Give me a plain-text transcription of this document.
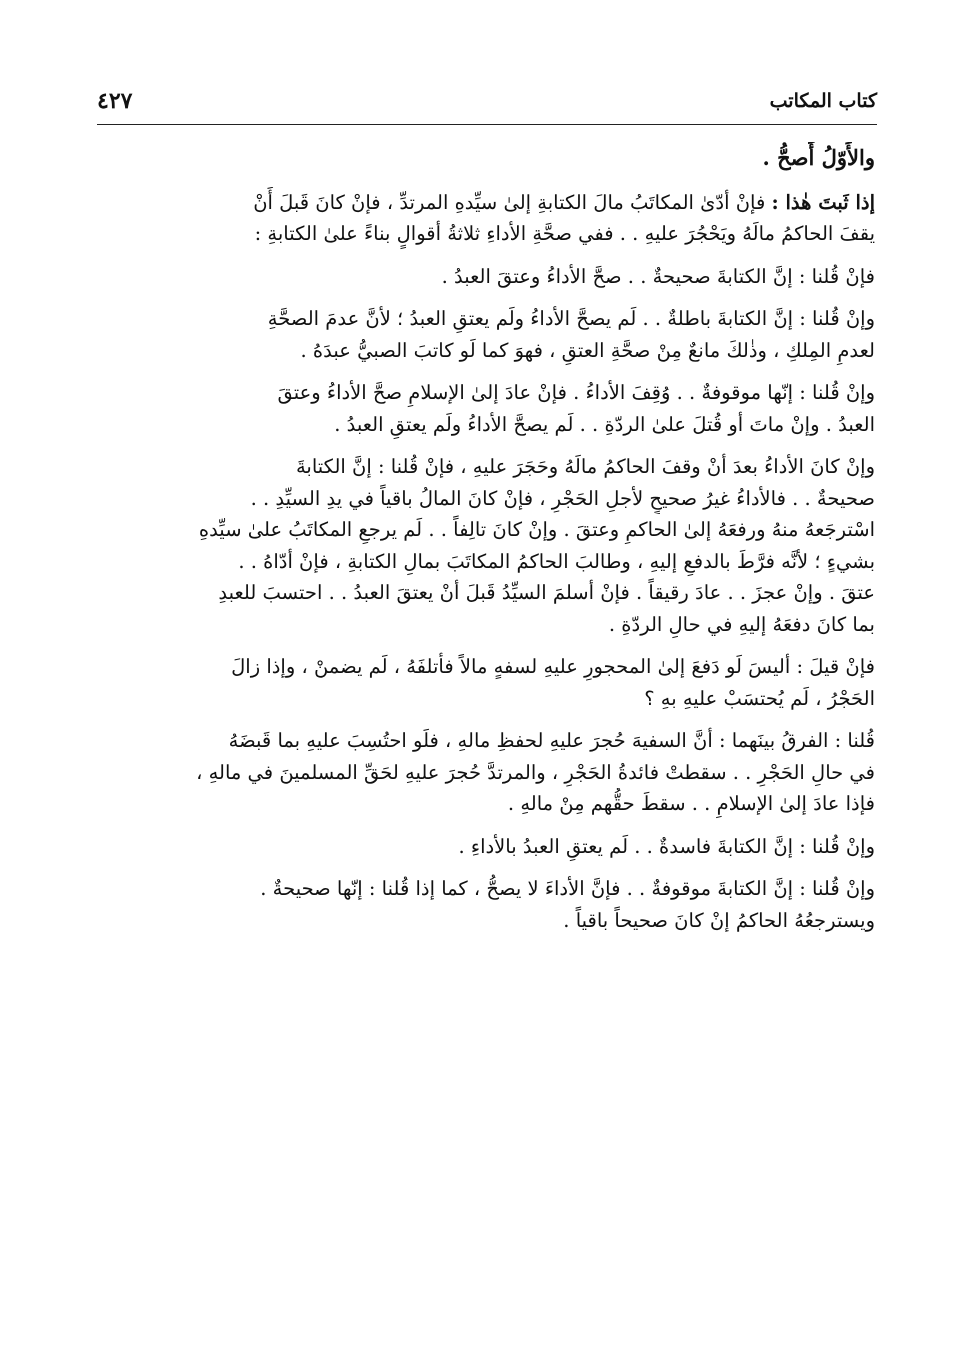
كتاب المكاتب
٤٢٧

والأَوّلُ أَصحُّ .

إذا ثَبتَ هٰذا : فإنْ أدّىٰ المكاتَبُ مالَ الكتابةِ إلىٰ سيِّدهِ المرتدِّ ، فإنْ كانَ قَبلَ أَنْ
يقفَ الحاكمُ مالَهُ ويَحْجُرَ عليهِ . . ففي صحَّةِ الأداءِ ثلاثةُ أقوالٍ بناءً علىٰ الكتابةِ :

فإنْ قُلنا : إنَّ الكتابةَ صحيحةٌ . . صحَّ الأداءُ وعتقَ العبدُ .

وإنْ قُلنا : إنَّ الكتابةَ باطلةٌ . . لَم يصحَّ الأداءُ ولَم يعتقِ العبدُ ؛ لأنَّ عدمَ الصحَّةِ
لعدمِ المِلكِ ، وذٰلكَ مانعٌ مِنْ صحَّةِ العتقِ ، فهوَ كما لَو كاتبَ الصبيُّ عبدَهُ .

وإنْ قُلنا : إنّها موقوفةٌ . . وُقِفَ الأداءُ . فإنْ عادَ إلىٰ الإسلامِ صحَّ الأداءُ وعتقَ
العبدُ . وإنْ ماتَ أو قُتلَ علىٰ الردّةِ . . لَم يصحَّ الأداءُ ولَم يعتقِ العبدُ .

وإنْ كانَ الأداءُ بعدَ أنْ وقفَ الحاكمُ مالَهُ وحَجَرَ عليهِ ، فإنْ قُلنا : إنَّ الكتابةَ
صحيحةٌ . . فالأداءُ غيرُ صحيحٍ لأجلِ الحَجْرِ ، فإنْ كانَ المالُ باقياً في يدِ السيِّدِ . .
اسْترجَعهُ منهُ ورفعَهُ إلىٰ الحاكمِ وعتقَ . وإنْ كانَ تالِفاً . . لَم يرجعِ المكاتَبُ علىٰ سيِّدهِ
بشيءٍ ؛ لأنَّه فرَّطَ بالدفعِ إليهِ ، وطالبَ الحاكمُ المكاتَبَ بمالِ الكتابةِ ، فإنْ أدّاهُ . .
عتقَ . وإنْ عجزَ . . عادَ رقيقاً . فإنْ أسلمَ السيِّدُ قَبلَ أنْ يعتقَ العبدُ . . احتسبَ للعبدِ
بما كانَ دفعَهُ إليهِ في حالِ الردّةِ .

فإنْ قيلَ : أليسَ لَو دَفعَ إلىٰ المحجورِ عليهِ لسفهٍ مالاً فأتلفَهُ ، لَم يضمنْ ، وإذا زالَ
الحَجْرُ ، لَم يُحتسَبْ عليهِ بهِ ؟

قُلنا : الفرقُ بينَهما : أنَّ السفيهَ حُجرَ عليهِ لحفظِ مالهِ ، فلَو احتُسِبَ عليهِ بما قَبضَهُ
في حالِ الحَجْرِ . . سقطتْ فائدةُ الحَجْرِ ، والمرتدَّ حُجرَ عليهِ لحَقِّ المسلمينَ في مالهِ ،
فإذا عادَ إلىٰ الإسلامِ . . سقطَ حقُّهم مِنْ مالهِ .

وإنْ قُلنا : إنَّ الكتابةَ فاسدةٌ . . لَم يعتقِ العبدُ بالأداءِ .

وإنْ قُلنا : إنَّ الكتابةَ موقوفةٌ . . فإنَّ الأداءَ لا يصحُّ ، كما إذا قُلنا : إنّها صحيحةٌ .
ويسترجعُهُ الحاكمُ إنْ كانَ صحيحاً باقياً .
